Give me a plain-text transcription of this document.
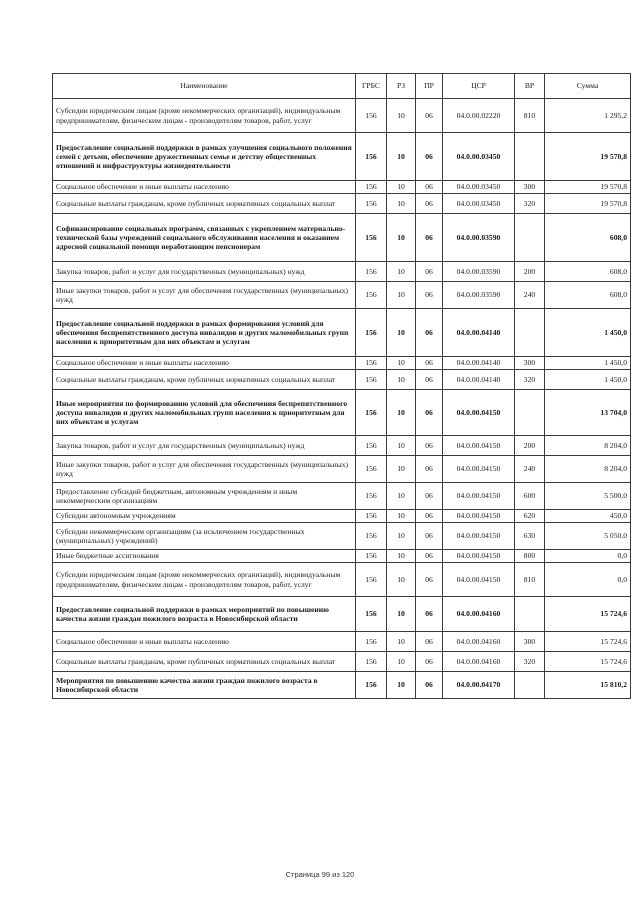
Наименование	ГРБС	РЗ	ПР	ЦСР	ВР	Сумма
Субсидии юридическим лицам (кроме некоммерческих организаций), индивидуальным предпринимателям, физическим лицам - производителям товаров, работ, услуг	156	10	06	04.0.00.02220	810	1 295,2
Предоставление социальной поддержки в рамках улучшения социального положения семей с детьми, обеспечение дружественных семье и детству общественных отношений и инфраструктуры жизнедеятельности	156	10	06	04.0.00.03450		19 570,8
Социальное обеспечение и иные выплаты населению	156	10	06	04.0.00.03450	300	19 570,8
Социальные выплаты гражданам, кроме публичных нормативных социальных выплат	156	10	06	04.0.00.03450	320	19 570,8
Софинансирование социальных программ, связанных с укреплением материально-технической базы учреждений социального обслуживания населения и оказанием адресной социальной помощи неработающим пенсионерам	156	10	06	04.0.00.03590		608,0
Закупка товаров, работ и услуг для государственных (муниципальных) нужд	156	10	06	04.0.00.03590	200	608,0
Иные закупки товаров, работ и услуг для обеспечения государственных (муниципальных) нужд	156	10	06	04.0.00.03590	240	608,0
Предоставление социальной поддержки в рамках формирования условий для обеспечения беспрепятственного доступа инвалидов и других маломобильных групп населения к приоритетным для них объектам и услугам	156	10	06	04.0.00.04140		1 450,0
Социальное обеспечение и иные выплаты населению	156	10	06	04.0.00.04140	300	1 450,0
Социальные выплаты гражданам, кроме публичных нормативных социальных выплат	156	10	06	04.0.00.04140	320	1 450,0
Иные мероприятия по формированию условий для обеспечения беспрепятственного доступа инвалидов и других маломобильных групп населения к приоритетным для них объектам и услугам	156	10	06	04.0.00.04150		13 704,0
Закупка товаров, работ и услуг для государственных (муниципальных) нужд	156	10	06	04.0.00.04150	200	8 204,0
Иные закупки товаров, работ и услуг для обеспечения государственных (муниципальных) нужд	156	10	06	04.0.00.04150	240	8 204,0
Предоставление субсидий бюджетным, автономным учреждениям и иным некоммерческим организациям	156	10	06	04.0.00.04150	600	5 500,0
Субсидии автономным учреждениям	156	10	06	04.0.00.04150	620	450,0
Субсидии некоммерческим организациям (за исключением государственных (муниципальных) учреждений)	156	10	06	04.0.00.04150	630	5 050,0
Иные бюджетные ассигнования	156	10	06	04.0.00.04150	800	0,0
Субсидии юридическим лицам (кроме некоммерческих организаций), индивидуальным предпринимателям, физическим лицам - производителям товаров, работ, услуг	156	10	06	04.0.00.04150	810	0,0
Предоставление социальной поддержки в рамках мероприятий по повышению качества жизни граждан пожилого возраста в Новосибирской области	156	10	06	04.0.00.04160		15 724,6
Социальное обеспечение и иные выплаты населению	156	10	06	04.0.00.04160	300	15 724,6
Социальные выплаты гражданам, кроме публичных нормативных социальных выплат	156	10	06	04.0.00.04160	320	15 724,6
Мероприятия по повышению качества жизни граждан пожилого возраста в Новосибирской области	156	10	06	04.0.00.04170		15 810,2
Страница 99 из 120
